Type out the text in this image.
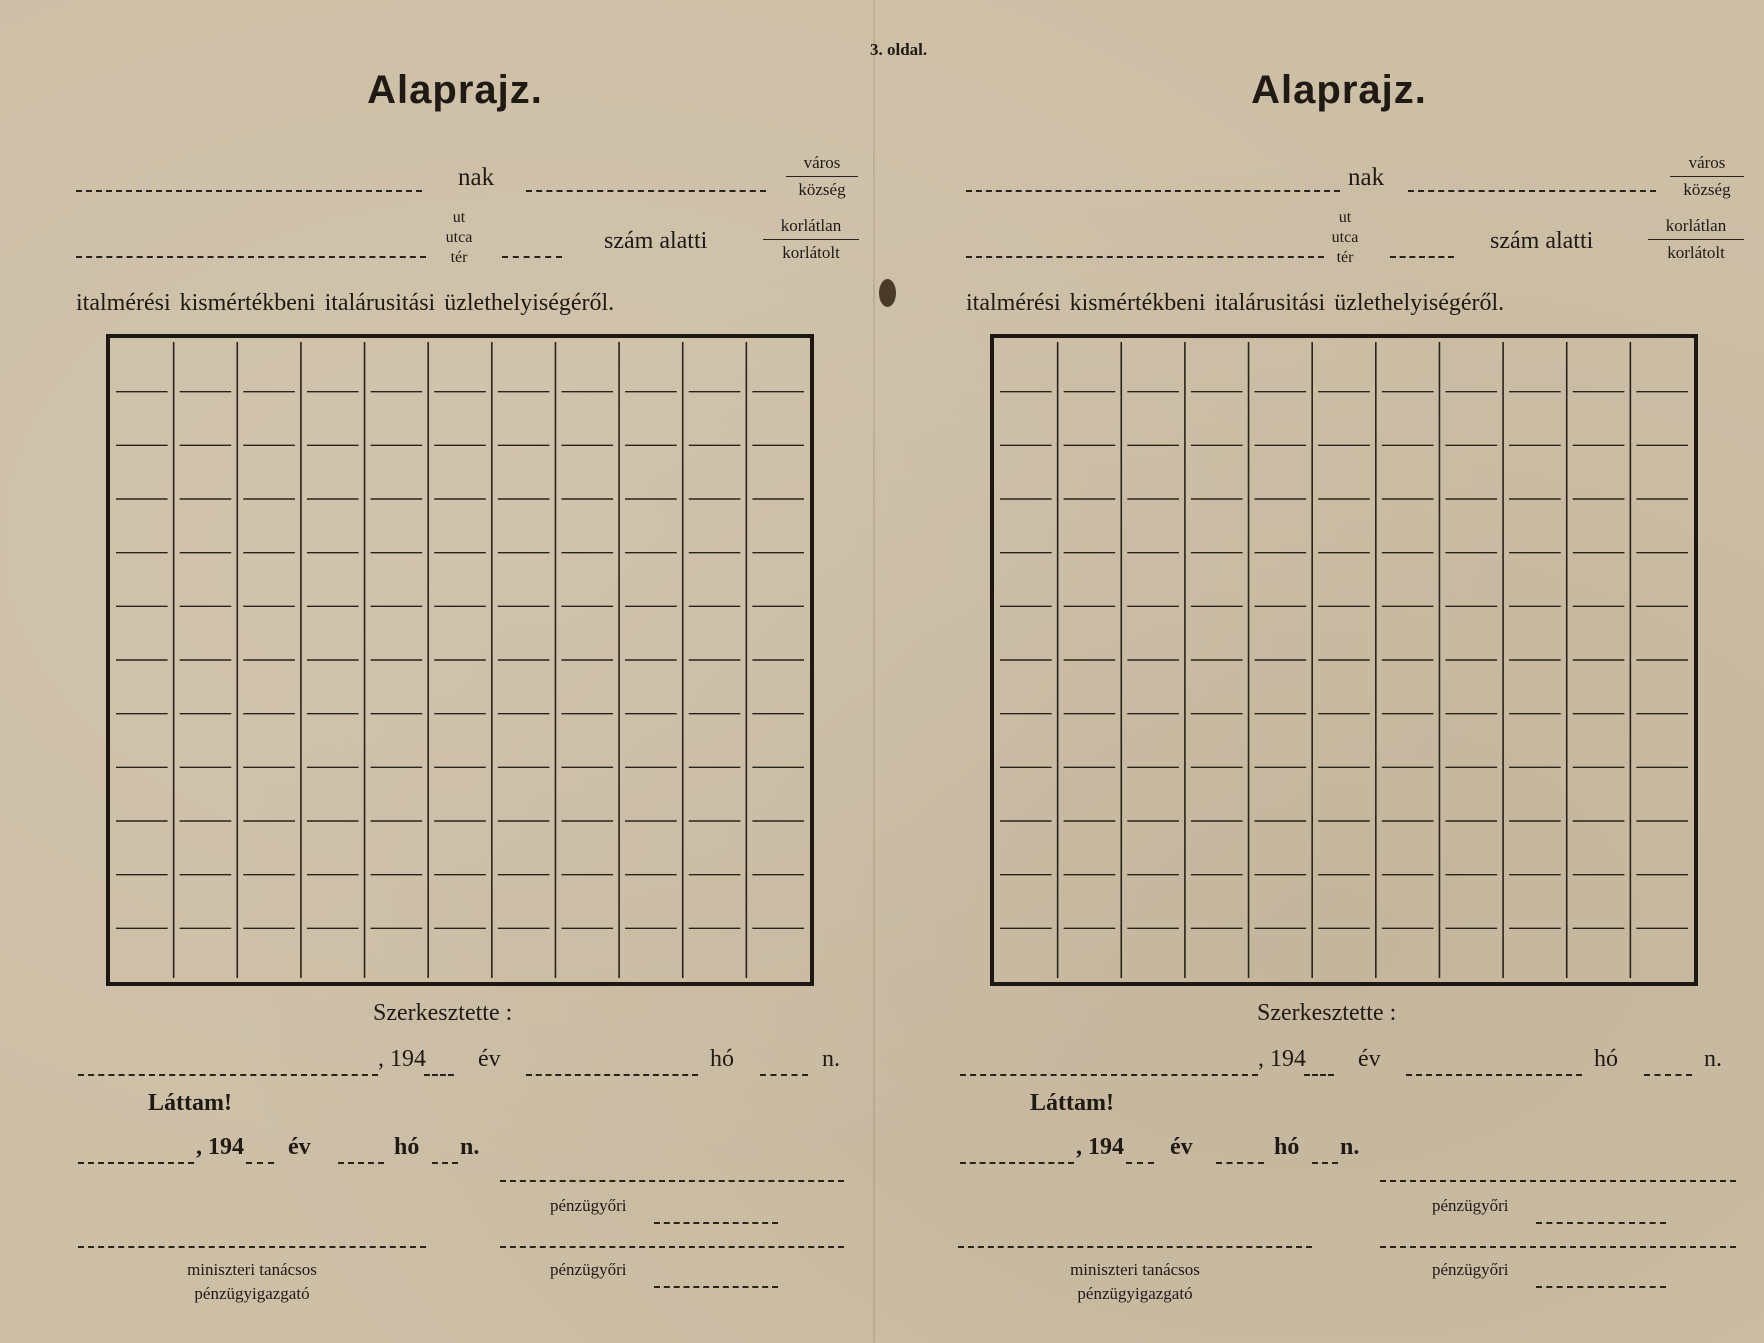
3. oldal.
Alaprajz.
nak
város
község
ut
utca
tér
szám alatti
korlátlan
korlátolt
italmérési kismértékbeni italárusitási üzlethelyiségéről.
Szerkesztette :
, 194 év	hó	n.
Láttam!
, 194 év	hó n.
pénzügyőri
miniszteri tanácsos
pénzügyigazgató
pénzügyőri
Alaprajz.
nak
város
község
ut
utca
tér
szám alatti
korlátlan
korlátolt
italmérési kismértékbeni italárusitási üzlethelyiségéről.
Szerkesztette :
, 194 év	hó	n.
Láttam!
, 194 év	hó n.
pénzügyőri
miniszteri tanácsos
pénzügyigazgató
pénzügyőri
